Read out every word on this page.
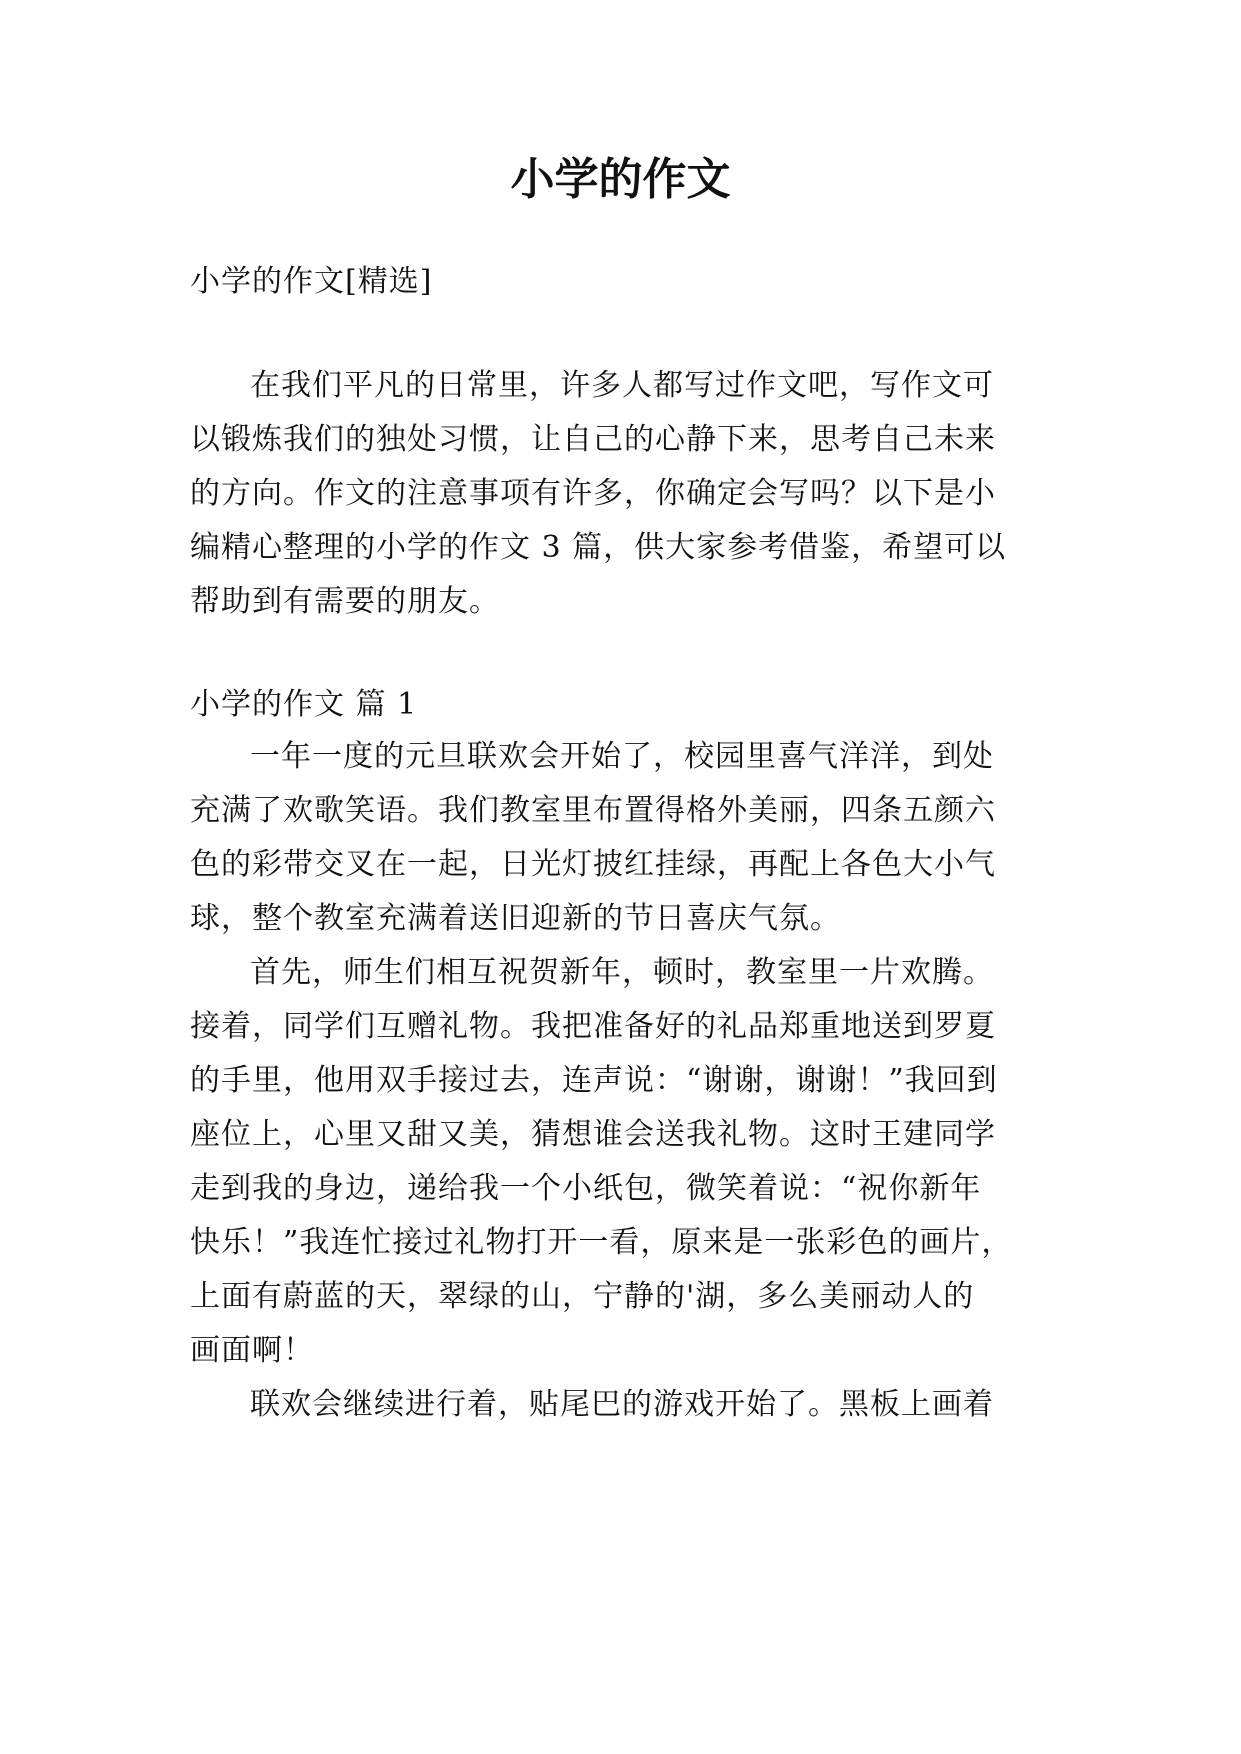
小学的作文

小学的作文[精选]

在我们平凡的日常里，许多人都写过作文吧，写作文可

以锻炼我们的独处习惯，让自己的心静下来，思考自己未来

的方向。作文的注意事项有许多，你确定会写吗？以下是小

编精心整理的小学的作文 3 篇，供大家参考借鉴，希望可以

帮助到有需要的朋友。

小学的作文 篇 1

一年一度的元旦联欢会开始了，校园里喜气洋洋，到处

充满了欢歌笑语。我们教室里布置得格外美丽，四条五颜六

色的彩带交叉在一起，日光灯披红挂绿，再配上各色大小气

球，整个教室充满着送旧迎新的节日喜庆气氛。

首先，师生们相互祝贺新年，顿时，教室里一片欢腾。

接着，同学们互赠礼物。我把准备好的礼品郑重地送到罗夏

的手里，他用双手接过去，连声说：“谢谢，谢谢！”我回到

座位上，心里又甜又美，猜想谁会送我礼物。这时王建同学

走到我的身边，递给我一个小纸包，微笑着说：“祝你新年

快乐！”我连忙接过礼物打开一看，原来是一张彩色的画片，

上面有蔚蓝的天，翠绿的山，宁静的'湖，多么美丽动人的

画面啊！

联欢会继续进行着，贴尾巴的游戏开始了。黑板上画着
